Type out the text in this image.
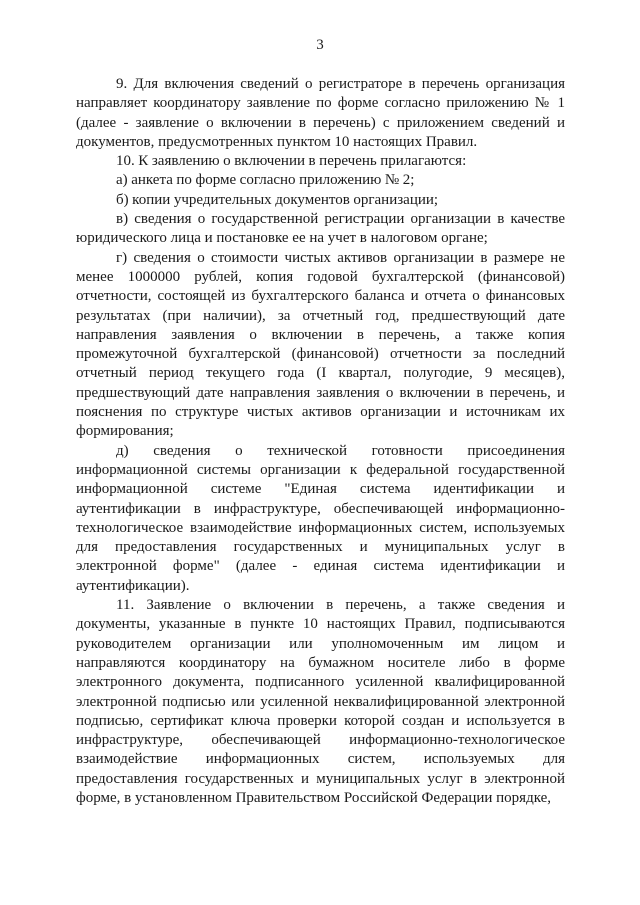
3

9. Для включения сведений о регистраторе в перечень организация направляет координатору заявление по форме согласно приложению № 1 (далее - заявление о включении в перечень) с приложением сведений и документов, предусмотренных пунктом 10 настоящих Правил.

10. К заявлению о включении в перечень прилагаются:

а) анкета по форме согласно приложению № 2;

б) копии учредительных документов организации;

в) сведения о государственной регистрации организации в качестве юридического лица и постановке ее на учет в налоговом органе;

г) сведения о стоимости чистых активов организации в размере не менее 1000000 рублей, копия годовой бухгалтерской (финансовой) отчетности, состоящей из бухгалтерского баланса и отчета о финансовых результатах (при наличии), за отчетный год, предшествующий дате направления заявления о включении в перечень, а также копия промежуточной бухгалтерской (финансовой) отчетности за последний отчетный период текущего года (I квартал, полугодие, 9 месяцев), предшествующий дате направления заявления о включении в перечень, и пояснения по структуре чистых активов организации и источникам их формирования;

д) сведения о технической готовности присоединения информационной системы организации к федеральной государственной информационной системе "Единая система идентификации и аутентификации в инфраструктуре, обеспечивающей информационно-технологическое взаимодействие информационных систем, используемых для предоставления государственных и муниципальных услуг в электронной форме" (далее - единая система идентификации и аутентификации).

11. Заявление о включении в перечень, а также сведения и документы, указанные в пункте 10 настоящих Правил, подписываются руководителем организации или уполномоченным им лицом и направляются координатору на бумажном носителе либо в форме электронного документа, подписанного усиленной квалифицированной электронной подписью или усиленной неквалифицированной электронной подписью, сертификат ключа проверки которой создан и используется в инфраструктуре, обеспечивающей информационно-технологическое взаимодействие информационных систем, используемых для предоставления государственных и муниципальных услуг в электронной форме, в установленном Правительством Российской Федерации порядке,
